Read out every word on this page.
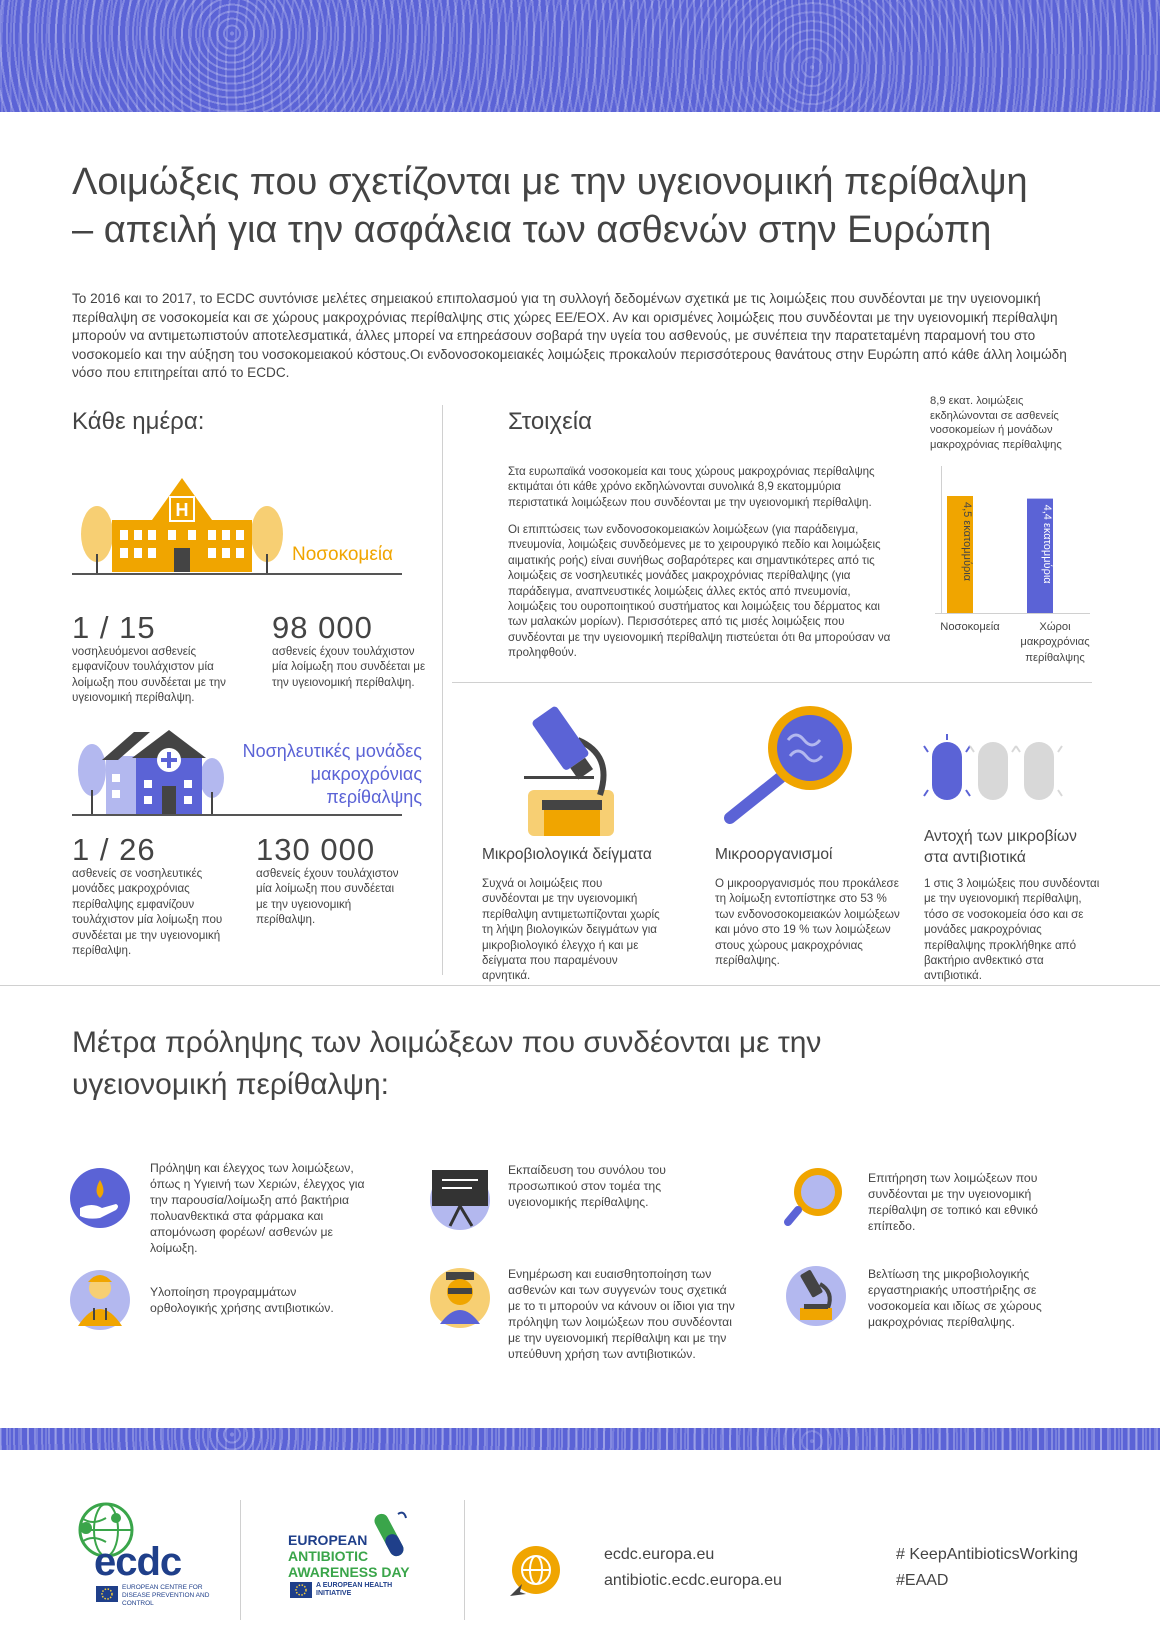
Λοιμώξεις που σχετίζονται με την υγειονομική περίθαλψη
– απειλή για την ασφάλεια των ασθενών στην Ευρώπη

Το 2016 και το 2017, το ECDC συντόνισε μελέτες σημειακού επιπολασμού για τη συλλογή δεδομένων σχετικά με τις λοιμώξεις που συνδέονται με την υγειονομική περίθαλψη σε νοσοκομεία και σε χώρους μακροχρόνιας περίθαλψης στις χώρες ΕΕ/ΕΟΧ. Αν και ορισμένες λοιμώξεις που συνδέονται με την υγειονομική περίθαλψη μπορούν να αντιμετωπιστούν αποτελεσματικά, άλλες μπορεί να επηρεάσουν σοβαρά την υγεία του ασθενούς, με συνέπεια την παρατεταμένη παραμονή του στο νοσοκομείο και την αύξηση του νοσοκομειακού κόστους.Οι ενδονοσοκομειακές λοιμώξεις προκαλούν περισσότερους θανάτους στην Ευρώπη από κάθε άλλη λοιμώδη νόσο που επιτηρείται από το ECDC.

Κάθε ημέρα:
H
Νοσοκομεία
1 / 15
νοσηλευόμενοι ασθενείς εμφανίζουν τουλάχιστον μία λοίμωξη που συνδέεται με την υγειονομική περίθαλψη.
98 000
ασθενείς έχουν τουλάχιστον μία λοίμωξη που συνδέεται με την υγειονομική περίθαλψη.
Νοσηλευτικές μονάδες
μακροχρόνιας
περίθαλψης
1 / 26
ασθενείς σε νοσηλευτικές μονάδες μακροχρόνιας περίθαλψης εμφανίζουν τουλάχιστον μία λοίμωξη που συνδέεται με την υγειονομική περίθαλψη.
130 000
ασθενείς έχουν τουλάχιστον μία λοίμωξη που συνδέεται με την υγειονομική περίθαλψη.
Στοιχεία
Στα ευρωπαϊκά νοσοκομεία και τους χώρους μακροχρόνιας περίθαλψης εκτιμάται ότι κάθε χρόνο εκδηλώνονται συνολικά 8,9 εκατομμύρια περιστατικά λοιμώξεων που συνδέονται με την υγειονομική περίθαλψη.
Οι επιπτώσεις των ενδονοσοκομειακών λοιμώξεων (για παράδειγμα, πνευμονία, λοιμώξεις συνδεόμενες με το χειρουργικό πεδίο και λοιμώξεις αιματικής ροής) είναι συνήθως σοβαρότερες και σημαντικότερες από τις λοιμώξεις σε νοσηλευτικές μονάδες μακροχρόνιας περίθαλψης (για παράδειγμα, αναπνευστικές λοιμώξεις άλλες εκτός από πνευμονία, λοιμώξεις του ουροποιητικού συστήματος και λοιμώξεις του δέρματος και των μαλακών μορίων). Περισσότερες από τις μισές λοιμώξεις που συνδέονται με την υγειονομική περίθαλψη πιστεύεται ότι θα μπορούσαν να προληφθούν.
8,9 εκατ. λοιμώξεις εκδηλώνονται σε ασθενείς νοσοκομείων ή μονάδων μακροχρόνιας περίθαλψης
4,5 εκατομμύρια	4,4 εκατομμύρια
Νοσοκομεία	Χώροι μακροχρόνιας περίθαλψης
Μικροβιολογικά δείγματα
Συχνά οι λοιμώξεις που συνδέονται με την υγειονομική περίθαλψη αντιμετωπίζονται χωρίς τη λήψη βιολογικών δειγμάτων για μικροβιολογικό έλεγχο ή και με δείγματα που παραμένουν αρνητικά.
Μικροοργανισμοί
Ο μικροοργανισμός που προκάλεσε τη λοίμωξη εντοπίστηκε στο 53 % των ενδονοσοκομειακών λοιμώξεων και μόνο στο 19 % των λοιμώξεων στους χώρους μακροχρόνιας περίθαλψης.
Αντοχή των μικροβίων στα αντιβιοτικά
1 στις 3 λοιμώξεις που συνδέονται με την υγειονομική περίθαλψη, τόσο σε νοσοκομεία όσο και σε μονάδες μακροχρόνιας περίθαλψης προκλήθηκε από βακτήριο ανθεκτικό στα αντιβιοτικά.
Μέτρα πρόληψης των λοιμώξεων που συνδέονται με την
υγειονομική περίθαλψη:
Πρόληψη και έλεγχος των λοιμώξεων, όπως η Υγιεινή των Χεριών, έλεγχος για την παρουσία/λοίμωξη από βακτήρια πολυανθεκτικά στα φάρμακα και απομόνωση φορέων/ ασθενών με λοίμωξη.
Εκπαίδευση του συνόλου του προσωπικού στον τομέα της υγειονομικής περίθαλψης.
Επιτήρηση των λοιμώξεων που συνδέονται με την υγειονομική περίθαλψη σε τοπικό και εθνικό επίπεδο.
Υλοποίηση προγραμμάτων ορθολογικής χρήσης αντιβιοτικών.
Ενημέρωση και ευαισθητοποίηση των ασθενών και των συγγενών τους σχετικά με το τι μπορούν να κάνουν οι ίδιοι για την πρόληψη των λοιμώξεων που συνδέονται με την υγειονομική περίθαλψη και με την υπεύθυνη χρήση των αντιβιοτικών.
Βελτίωση της μικροβιολογικής εργαστηριακής υποστήριξης σε νοσοκομεία και ιδίως σε χώρους μακροχρόνιας περίθαλψης.
ecdc
EUROPEAN CENTRE FOR DISEASE PREVENTION AND CONTROL
EUROPEAN
ANTIBIOTIC
AWARENESS DAY
A EUROPEAN HEALTH INITIATIVE
ecdc.europa.eu
antibiotic.ecdc.europa.eu
# KeepAntibioticsWorking
#EAAD
